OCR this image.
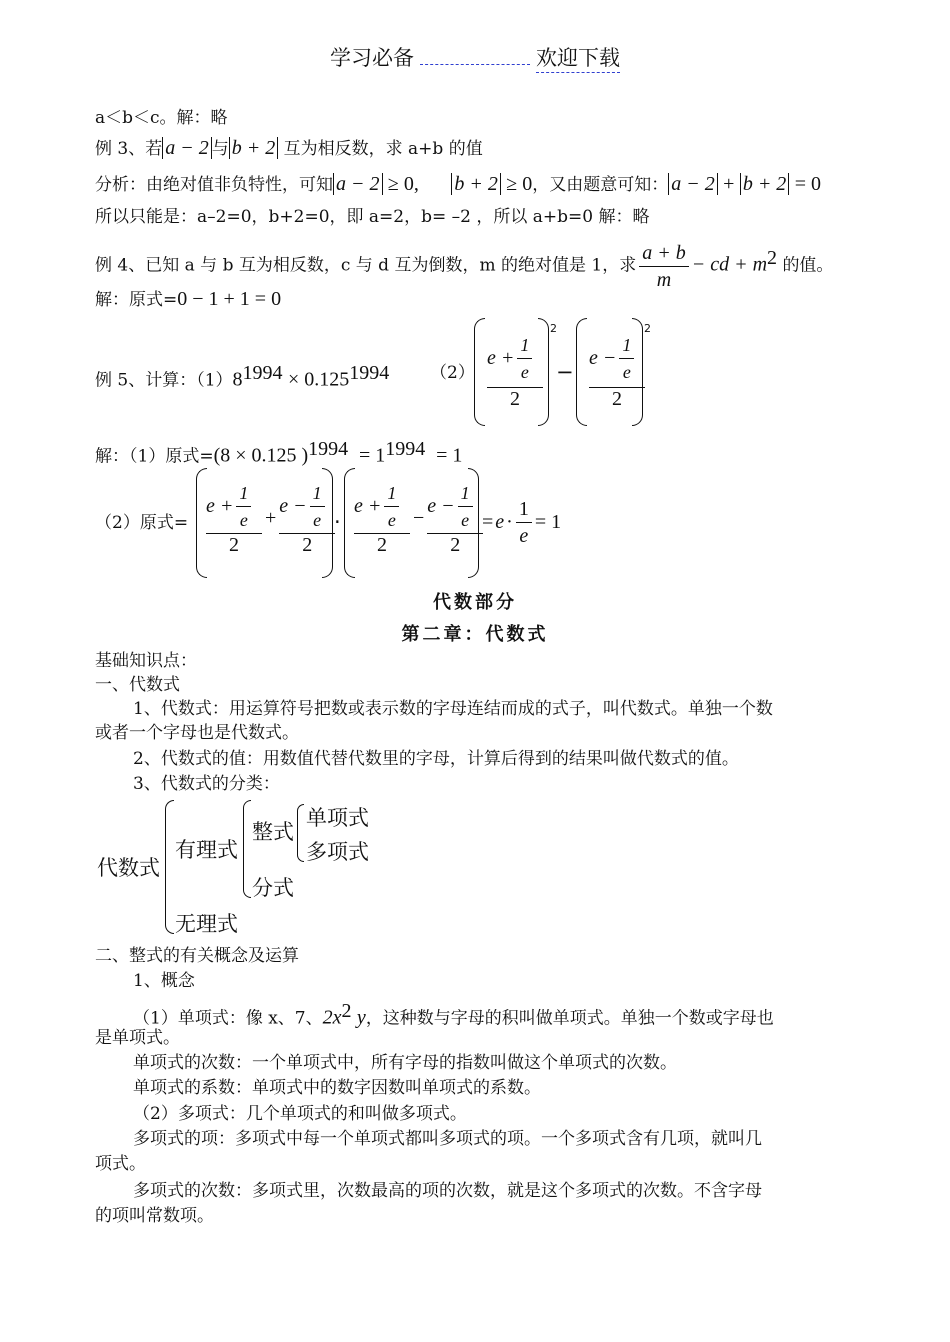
学习必备	欢迎下载
a＜b＜c。解：略
例 3、若 a − 2 与 b + 2 互为相反数，求 a+b 的值
分析：由绝对值非负特性，可知 a − 2 ≥ 0, b + 2 ≥ 0，又由题意可知： a − 2 + b + 2 = 0
所以只能是：a–2=0，b+2=0，即 a=2，b= –2 ，所以 a+b=0 解：略
例 4、已知 a 与 b 互为相反数，c 与 d 互为倒数，m 的绝对值是 1，求 $\frac{a + b}{m}$ − cd + $m^2$ 的值。
解：原式=0 − 1 + 1 = 0
例 5、计算：$(1)8^{1994} \times 0.125^{1994}$ （2）
$e + \frac{1}{e}$
2
2
−
$e - \frac{1}{e}$
2
2
解：（1）原式=(8 × 0.125 )$^{1994} = 1^{1994} = 1$
（2）原式=
$e + \frac{1}{e}$
2
+ $\frac{e - \frac{1}{e}}{2}$
·
$e + \frac{1}{e}$
2
− $\frac{e - \frac{1}{e}}{2}$
= $e \cdot \frac{1}{e} = 1$
代数部分
第二章：代数式
基础知识点：
一、代数式
1、代数式：用运算符号把数或表示数的字母连结而成的式子，叫代数式。单独一个数
或者一个字母也是代数式。
2、代数式的值：用数值代替代数里的字母，计算后得到的结果叫做代数式的值。
3、代数式的分类：
代数式
有理式
无理式
整式
分式
单项式
多项式
二、整式的有关概念及运算
1、概念
（1）单项式：像 x、7、$2x^2$ y，这种数与字母的积叫做单项式。单独一个数或字母也
是单项式。
单项式的次数：一个单项式中，所有字母的指数叫做这个单项式的次数。
单项式的系数：单项式中的数字因数叫单项式的系数。
（2）多项式：几个单项式的和叫做多项式。
多项式的项：多项式中每一个单项式都叫多项式的项。一个多项式含有几项，就叫几
项式。
多项式的次数：多项式里，次数最高的项的次数，就是这个多项式的次数。不含字母
的项叫常数项。
